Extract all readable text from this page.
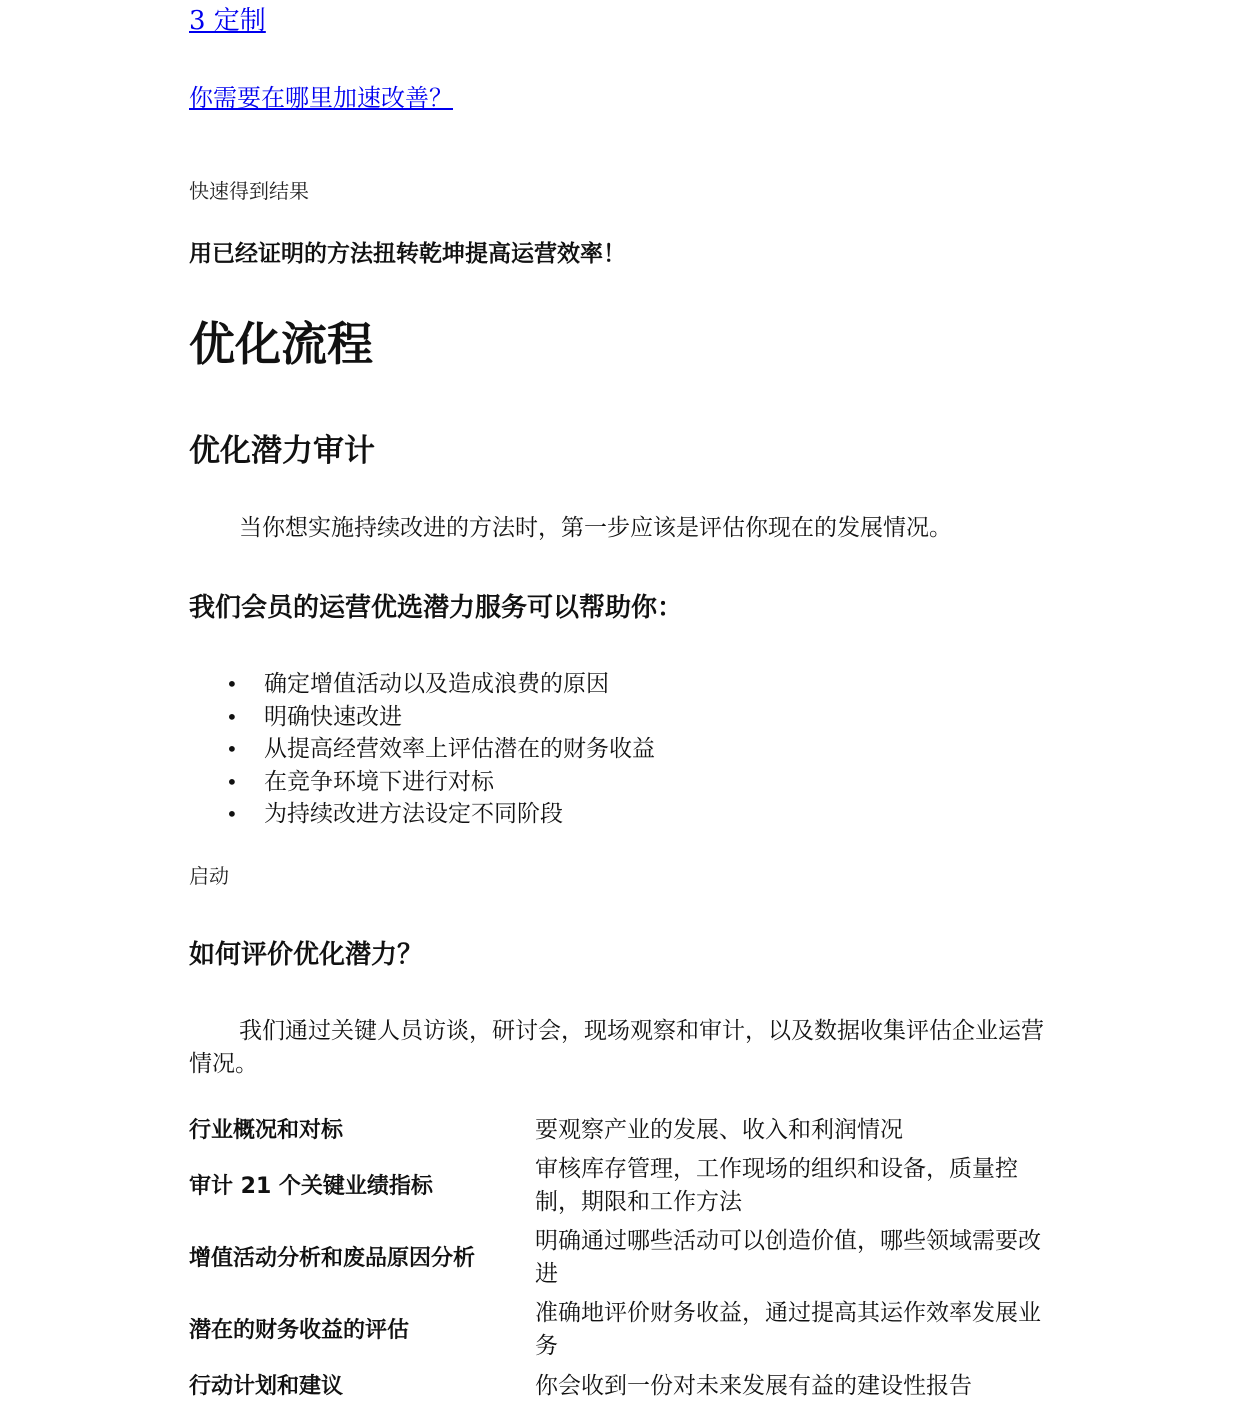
3 定制
你需要在哪里加速改善？

快速得到结果

用已经证明的方法扭转乾坤提高运营效率！

优化流程
优化潜力审计

当你想实施持续改进的方法时，第一步应该是评估你现在的发展情况。

我们会员的运营优选潜力服务可以帮助你：
• 确定增值活动以及造成浪费的原因
• 明确快速改进
• 从提高经营效率上评估潜在的财务收益
• 在竞争环境下进行对标
• 为持续改进方法设定不同阶段

启动

如何评价优化潜力？

我们通过关键人员访谈，研讨会，现场观察和审计，以及数据收集评估企业运营情况。

行业概况和对标	要观察产业的发展、收入和利润情况
审计 21 个关键业绩指标	审核库存管理，工作现场的组织和设备，质量控制，期限和工作方法
增值活动分析和废品原因分析	明确通过哪些活动可以创造价值，哪些领域需要改进
潜在的财务收益的评估	准确地评价财务收益，通过提高其运作效率发展业务
行动计划和建议	你会收到一份对未来发展有益的建设性报告
